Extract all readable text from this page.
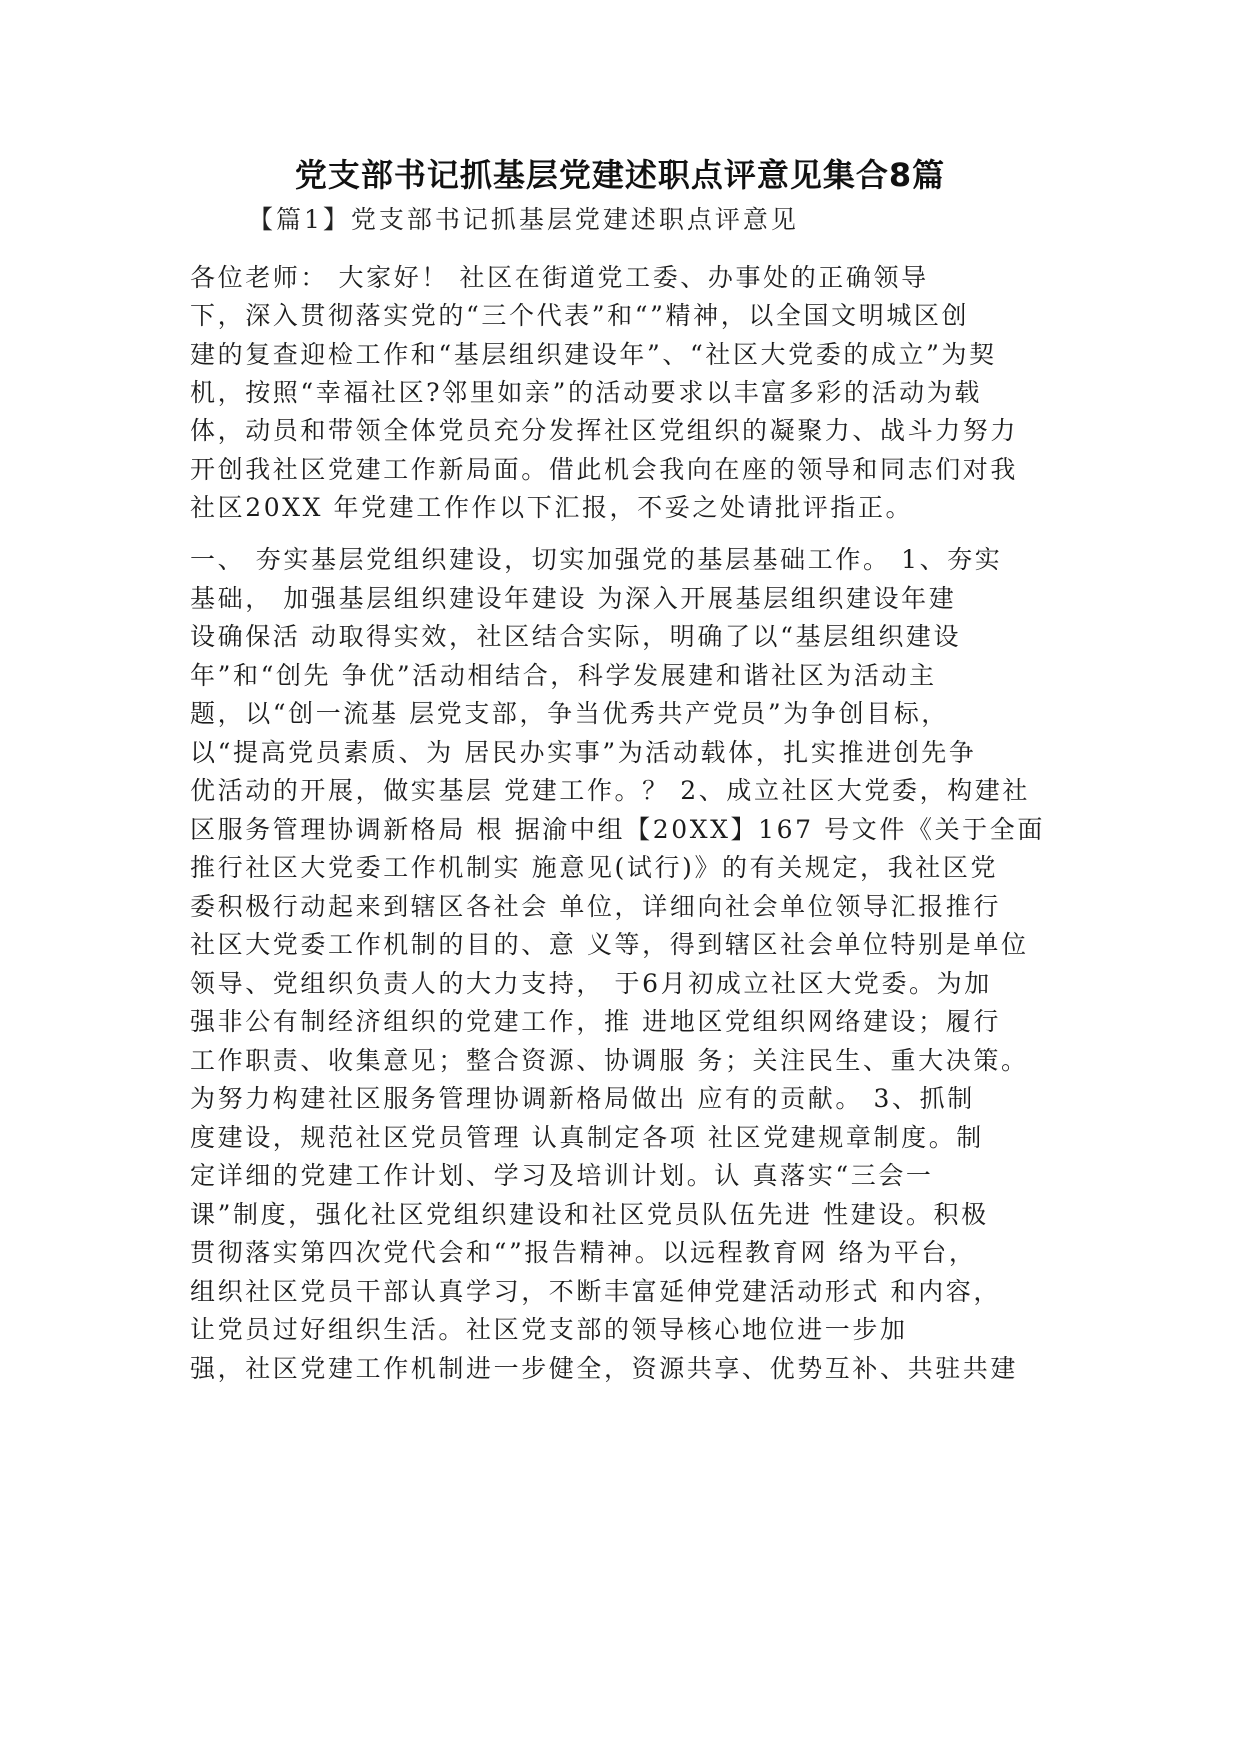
党支部书记抓基层党建述职点评意见集合8篇
【篇1】党支部书记抓基层党建述职点评意见
各位老师： 大家好！ 社区在街道党工委、办事处的正确领导
下，深入贯彻落实党的“三个代表”和“”精神，以全国文明城区创
建的复查迎检工作和“基层组织建设年”、“社区大党委的成立”为契
机，按照“幸福社区?邻里如亲”的活动要求以丰富多彩的活动为载
体，动员和带领全体党员充分发挥社区党组织的凝聚力、战斗力努力
开创我社区党建工作新局面。借此机会我向在座的领导和同志们对我
社区20XX 年党建工作作以下汇报，不妥之处请批评指正。
一、 夯实基层党组织建设，切实加强党的基层基础工作。 1、夯实
基础， 加强基层组织建设年建设 为深入开展基层组织建设年建
设确保活 动取得实效，社区结合实际，明确了以“基层组织建设
年”和“创先 争优”活动相结合，科学发展建和谐社区为活动主
题，以“创一流基 层党支部，争当优秀共产党员”为争创目标，
以“提高党员素质、为 居民办实事”为活动载体，扎实推进创先争
优活动的开展，做实基层 党建工作。？ 2、成立社区大党委，构建社
区服务管理协调新格局 根 据渝中组【20XX】167 号文件《关于全面
推行社区大党委工作机制实 施意见(试行)》的有关规定，我社区党
委积极行动起来到辖区各社会 单位，详细向社会单位领导汇报推行
社区大党委工作机制的目的、意 义等，得到辖区社会单位特别是单位
领导、党组织负责人的大力支持， 于6月初成立社区大党委。为加
强非公有制经济组织的党建工作，推 进地区党组织网络建设；履行
工作职责、收集意见；整合资源、协调服 务；关注民生、重大决策。
为努力构建社区服务管理协调新格局做出 应有的贡献。 3、抓制
度建设，规范社区党员管理 认真制定各项 社区党建规章制度。制
定详细的党建工作计划、学习及培训计划。认 真落实“三会一
课”制度，强化社区党组织建设和社区党员队伍先进 性建设。积极
贯彻落实第四次党代会和“”报告精神。以远程教育网 络为平台，
组织社区党员干部认真学习，不断丰富延伸党建活动形式 和内容，
让党员过好组织生活。社区党支部的领导核心地位进一步加
强，社区党建工作机制进一步健全，资源共享、优势互补、共驻共建
